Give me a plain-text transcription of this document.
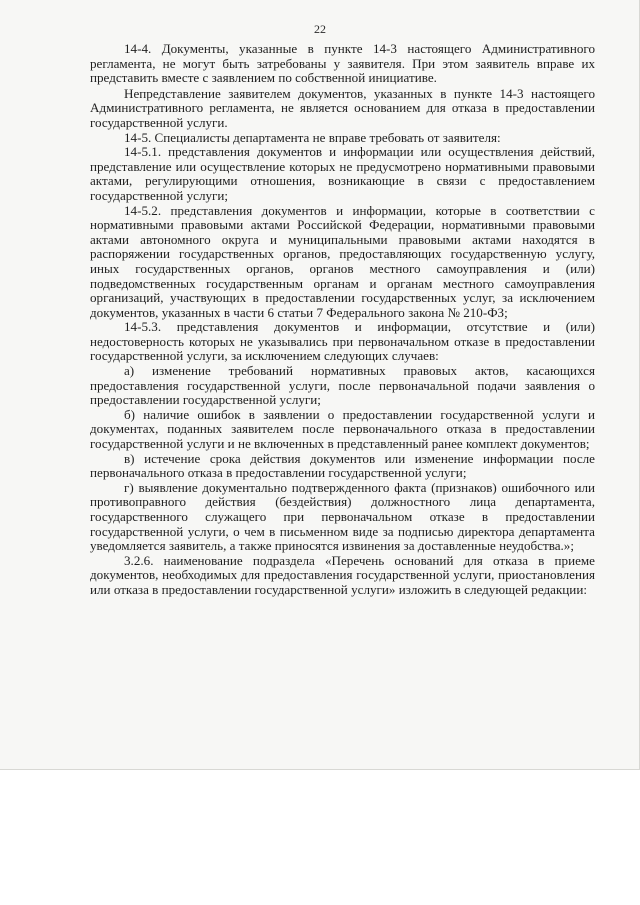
22

14-4. Документы, указанные в пункте 14-3 настоящего Административного регламента, не могут быть затребованы у заявителя. При этом заявитель вправе их представить вместе с заявлением по собственной инициативе.

Непредставление заявителем документов, указанных в пункте 14-3 настоящего Административного регламента, не является основанием для отказа в предоставлении государственной услуги.

14-5. Специалисты департамента не вправе требовать от заявителя:

14-5.1. представления документов и информации или осуществления действий, представление или осуществление которых не предусмотрено нормативными правовыми актами, регулирующими отношения, возникающие в связи с предоставлением государственной услуги;

14-5.2. представления документов и информации, которые в соответствии с нормативными правовыми актами Российской Федерации, нормативными правовыми актами автономного округа и муниципальными правовыми актами находятся в распоряжении государственных органов, предоставляющих государственную услугу, иных государственных органов, органов местного самоуправления и (или) подведомственных государственным органам и органам местного самоуправления организаций, участвующих в предоставлении государственных услуг, за исключением документов, указанных в части 6 статьи 7 Федерального закона № 210-ФЗ;

14-5.3. представления документов и информации, отсутствие и (или) недостоверность которых не указывались при первоначальном отказе в предоставлении государственной услуги, за исключением следующих случаев:

а) изменение требований нормативных правовых актов, касающихся предоставления государственной услуги, после первоначальной подачи заявления о предоставлении государственной услуги;

б) наличие ошибок в заявлении о предоставлении государственной услуги и документах, поданных заявителем после первоначального отказа в предоставлении государственной услуги и не включенных в представленный ранее комплект документов;

в) истечение срока действия документов или изменение информации после первоначального отказа в предоставлении государственной услуги;

г) выявление документально подтвержденного факта (признаков) ошибочного или противоправного действия (бездействия) должностного лица департамента, государственного служащего при первоначальном отказе в предоставлении государственной услуги, о чем в письменном виде за подписью директора департамента уведомляется заявитель, а также приносятся извинения за доставленные неудобства.»;

3.2.6. наименование подраздела «Перечень оснований для отказа в приеме документов, необходимых для предоставления государственной услуги, приостановления или отказа в предоставлении государственной услуги» изложить в следующей редакции:
